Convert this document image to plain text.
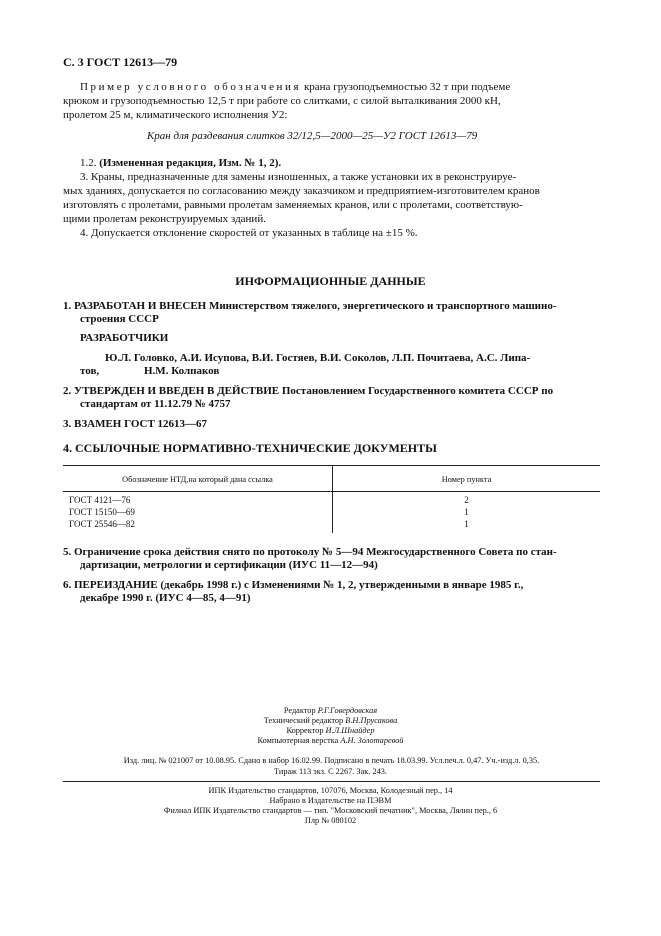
С. 3 ГОСТ 12613—79
Пример условного обозначения крана грузоподъемностью 32 т при подъеме
крюком и грузоподъемностью 12,5 т при работе со слитками, с силой выталкивания 2000 кН,
пролетом 25 м, климатического исполнения У2:
Кран для раздевания слитков 32/12,5—2000—25—У2 ГОСТ 12613—79
1.2. (Измененная редакция, Изм. № 1, 2).
3. Краны, предназначенные для замены изношенных, а также установки их в реконструируе-
мых зданиях, допускается по согласованию между заказчиком и предприятием-изготовителем кранов
изготовлять с пролетами, равными пролетам заменяемых кранов, или с пролетами, соответствую-
щими пролетам реконструируемых зданий.
4. Допускается отклонение скоростей от указанных в таблице на ±15 %.
ИНФОРМАЦИОННЫЕ ДАННЫЕ
1. РАЗРАБОТАН И ВНЕСЕН Министерством тяжелого, энергетического и транспортного машино-
строения СССР
РАЗРАБОТЧИКИ
Ю.Л. Головко, А.И. Исупова, В.И. Гостяев, В.И. Соколов, Л.П. Почитаева, А.С. Липа-
тов,	Н.М. Колпаков
2. УТВЕРЖДЕН И ВВЕДЕН В ДЕЙСТВИЕ Постановлением Государственного комитета СССР по
стандартам от 11.12.79 № 4757
3. ВЗАМЕН ГОСТ 12613—67
4. ССЫЛОЧНЫЕ НОРМАТИВНО-ТЕХНИЧЕСКИЕ ДОКУМЕНТЫ
Обозначение НТД,на который дана ссылка	Номер пункта
ГОСТ 4121—76	2
ГОСТ 15150—69	1
ГОСТ 25546—82	1
5. Ограничение срока действия снято по протоколу № 5—94 Межгосударственного Совета по стан-
дартизации, метрологии и сертификации (ИУС 11—12—94)
6. ПЕРЕИЗДАНИЕ (декабрь 1998 г.) с Изменениями № 1, 2, утвержденными в январе 1985 г.,
декабре 1990 г. (ИУС 4—85, 4—91)
Редактор Р.Г.Говердовская
Технический редактор В.Н.Прусакова
Корректор И.Л.Шнайдер
Компьютерная верстка А.Н. Золотаревой
Изд. лиц. № 021007 от 10.08.95. Сдано в набор 16.02.99. Подписано в печать 18.03.99. Усл.печ.л. 0,47. Уч.-изд.л. 0,35.
Тираж 113 экз. С 2267. Зак. 243.
ИПК Издательство стандартов, 107076, Москва, Колодезный пер., 14
Набрано в Издательстве на ПЭВМ
Филиал ИПК Издательство стандартов — тип. "Московский печатник", Москва, Лялин пер., 6
Плр № 080102
